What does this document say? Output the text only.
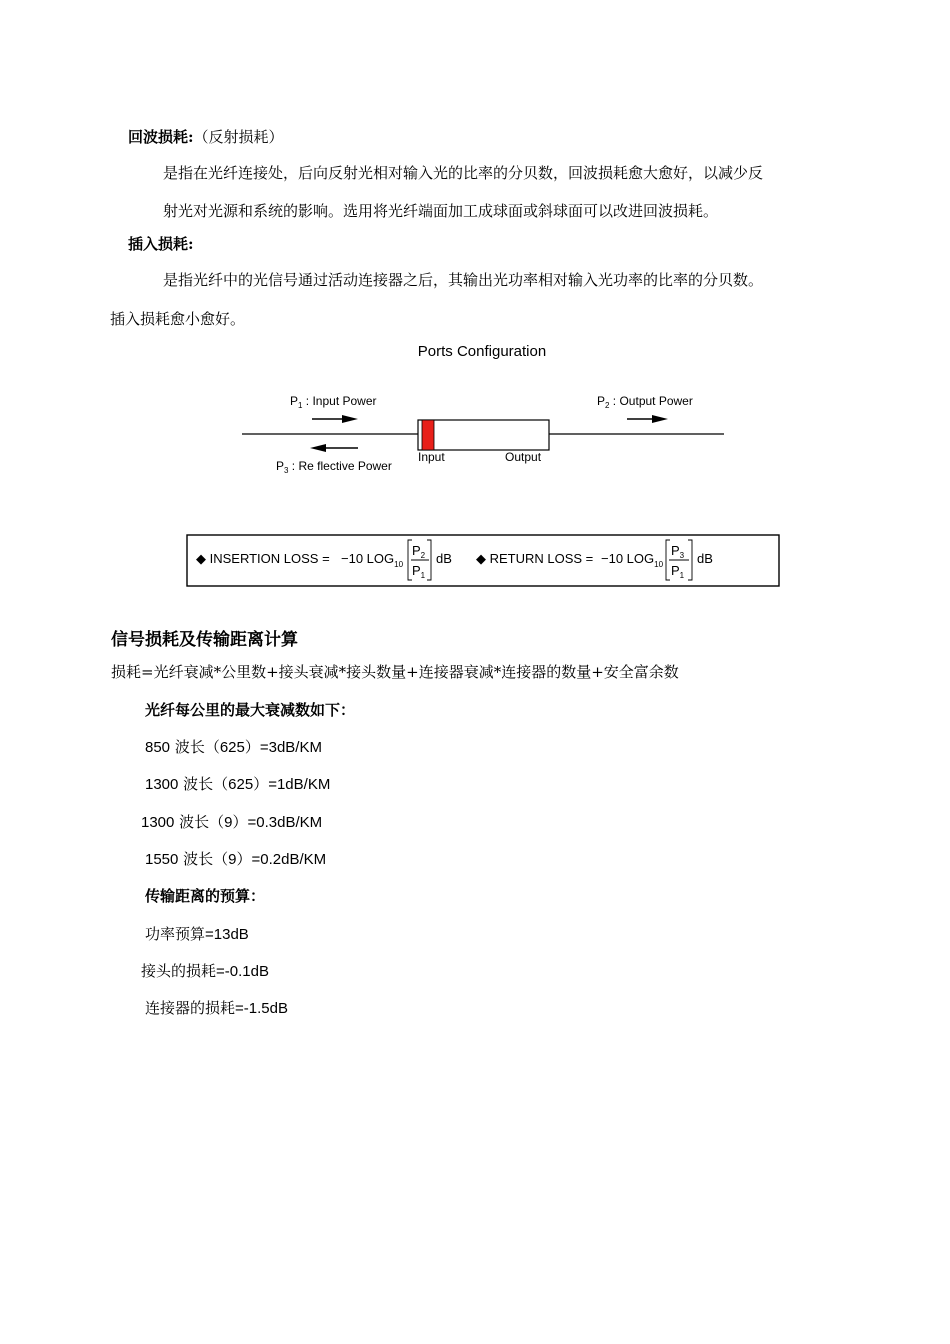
回波损耗:（反射损耗）
是指在光纤连接处，后向反射光相对输入光的比率的分贝数，回波损耗愈大愈好，以减少反
射光对光源和系统的影响。选用将光纤端面加工成球面或斜球面可以改进回波损耗。
插入损耗:
是指光纤中的光信号通过活动连接器之后，其输出光功率相对输入光功率的比率的分贝数。
插入损耗愈小愈好。
Ports Configuration
$P_1$ : Input Power	$P_2$ : Output Power
$P_3$ : Re flective Power
Input	Output
◆ INSERTION LOSS = −10 $LOG_{10}$
$P_2$
$P_1$
dB ◆ RETURN LOSS = −10 $LOG_{10}$
$P_3$
$P_1$
dB
信号损耗及传输距离计算
损耗=光纤衰减*公里数+接头衰减*接头数量+连接器衰减*连接器的数量+安全富余数
光纤每公里的最大衰减数如下：
850 波长（625）=3dB/KM
1300 波长（625）=1dB/KM
1300 波长（9）=0.3dB/KM
1550 波长（9）=0.2dB/KM
传输距离的预算：
功率预算=13dB
接头的损耗=-0.1dB
连接器的损耗=-1.5dB
